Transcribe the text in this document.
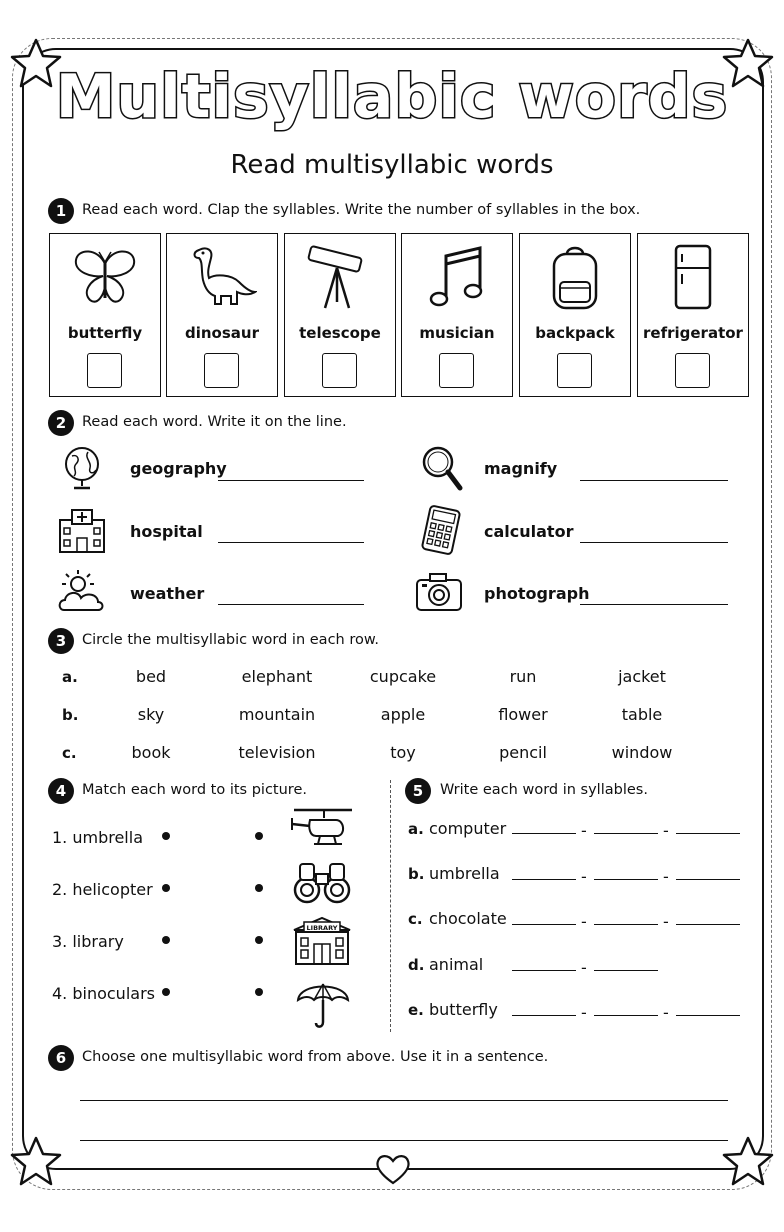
Multisyllabic words
Read multisyllabic words
1	Read each word. Clap the syllables. Write the number of syllables in the box.
butterfly	dinosaur	telescope	musician	backpack	refrigerator
2	Read each word. Write it on the line.
geography	magnify
hospital	calculator
weather	photograph
3	Circle the multisyllabic word in each row.
a.	bed	elephant	cupcake	run	jacket
b.	sky	mountain	apple	flower	table
c.	book	television	toy	pencil	window
4	Match each word to its picture.
1. umbrella
2. helicopter
3. library
4. binoculars
LIBRARY
5	Write each word in syllables.
a. computer	-	-
b. umbrella	-	-
c. chocolate	-	-
d. animal	-
e. butterfly	-	-
6	Choose one multisyllabic word from above. Use it in a sentence.
